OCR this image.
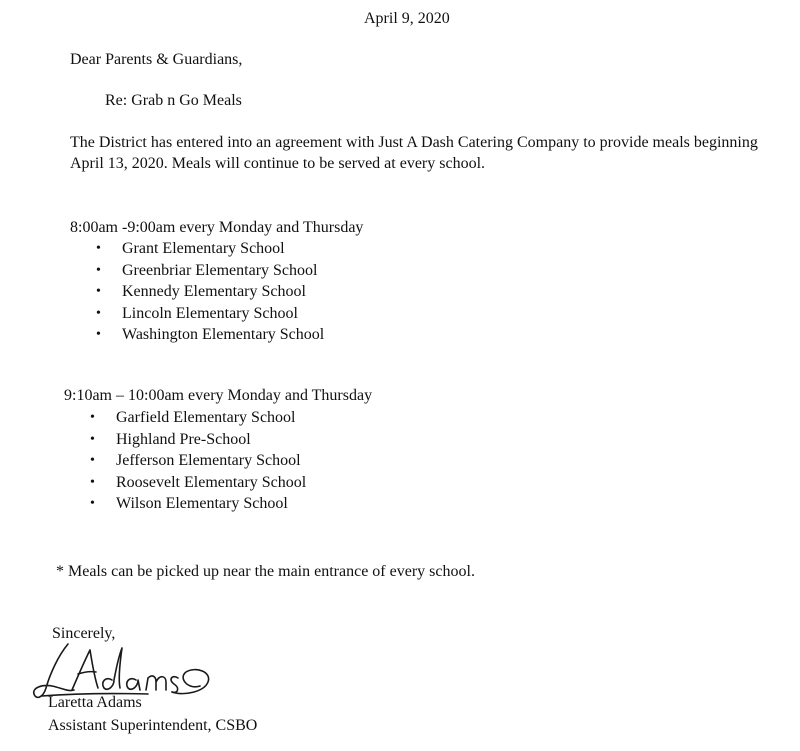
April 9, 2020
Dear Parents & Guardians,
Re: Grab n Go Meals
The District has entered into an agreement with Just A Dash Catering Company to provide meals beginning April 13, 2020. Meals will continue to be served at every school.
8:00am -9:00am every Monday and Thursday
• Grant Elementary School
• Greenbriar Elementary School
• Kennedy Elementary School
• Lincoln Elementary School
• Washington Elementary School
9:10am – 10:00am every Monday and Thursday
• Garfield Elementary School
• Highland Pre-School
• Jefferson Elementary School
• Roosevelt Elementary School
• Wilson Elementary School
* Meals can be picked up near the main entrance of every school.
Sincerely,
Laretta Adams
Assistant Superintendent, CSBO
